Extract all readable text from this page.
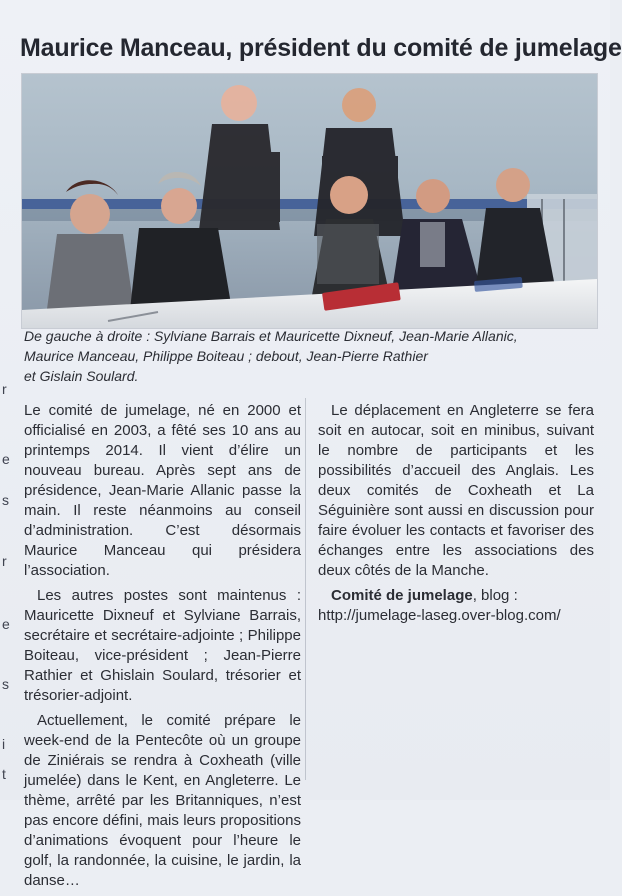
Maurice Manceau, président du comité de jumelage

De gauche à droite : Sylviane Barrais et Mauricette Dixneuf, Jean-Marie Allanic,

Maurice Manceau, Philippe Boiteau ; debout, Jean-Pierre Rathier

et Gislain Soulard.

Le comité de jumelage, né en 2000 et officialisé en 2003, a fêté ses 10 ans au printemps 2014. Il vient d’élire un nouveau bureau. Après sept ans de présidence, Jean-Marie Allanic passe la main. Il reste néanmoins au conseil d’administration. C’est désormais Maurice Manceau qui présidera l’association.

Les autres postes sont maintenus : Mauricette Dixneuf et Sylviane Barrais, secrétaire et secrétaire-adjointe ; Philippe Boiteau, vice-président ; Jean-Pierre Rathier et Ghislain Soulard, trésorier et trésorier-adjoint.

Actuellement, le comité prépare le week-end de la Pentecôte où un groupe de Ziniérais se rendra à Coxheath (ville jumelée) dans le Kent, en Angleterre. Le thème, arrêté par les Britanniques, n’est pas encore défini, mais leurs propositions d’animations évoquent pour l’heure le golf, la randonnée, la cuisine, le jardin, la danse…

Le déplacement en Angleterre se fera soit en autocar, soit en minibus, suivant le nombre de participants et les possibilités d’accueil des Anglais. Les deux comités de Coxheath et La Séguinière sont aussi en discussion pour faire évoluer les contacts et favoriser des échanges entre les associations des deux côtés de la Manche.

Comité de jumelage, blog : http://jumelage-laseg.over-blog.com/

r
e
s
r
e
s
i
t
